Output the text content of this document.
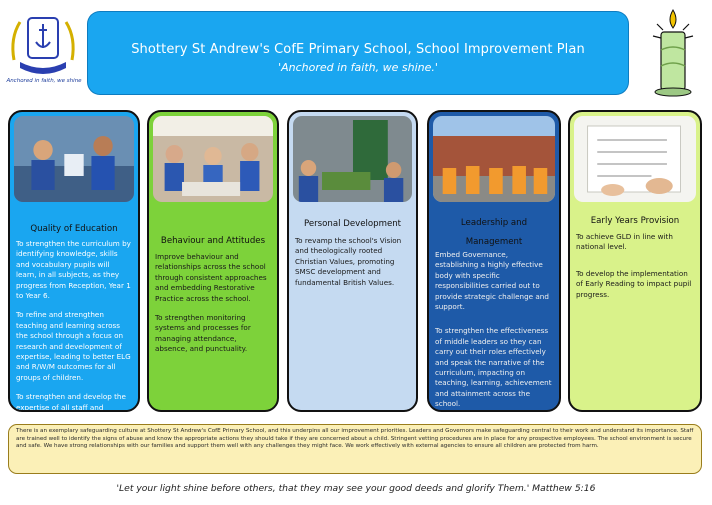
Anchored in faith, we shine
Shottery St Andrew's CofE Primary School, School Improvement Plan
'Anchored in faith, we shine.'
Quality of Education

To strengthen the curriculum by identifying knowledge, skills and vocabulary pupils will learn, in all subjects, as they progress from Reception, Year 1 to Year 6.

To refine and strengthen teaching and learning across the school through a focus on research and development of expertise, leading to better ELG and R/W/M outcomes for all groups of children.

To strengthen and develop the expertise of all staff and

Behaviour and Attitudes

Improve behaviour and relationships across the school through consistent approaches and embedding Restorative Practice across the school.

To strengthen monitoring systems and processes for managing attendance, absence, and punctuality.

Personal Development

To revamp the school's Vision and theologically rooted Christian Values, promoting SMSC development and fundamental British Values.

Leadership and Management

Embed Governance, establishing a highly effective body with specific responsibilities carried out to provide strategic challenge and support.

To strengthen the effectiveness of middle leaders so they can carry out their roles effectively and speak the narrative of the curriculum, impacting on teaching, learning, achievement and attainment across the school.

Early Years Provision

To achieve GLD in line with national level.

To develop the implementation of Early Reading to impact pupil progress.

There is an exemplary safeguarding culture at Shottery St Andrew's CofE Primary School, and this underpins all our improvement priorities. Leaders and Governors make safeguarding central to their work and understand its importance. Staff are trained well to identify the signs of abuse and know the appropriate actions they should take if they are concerned about a child. Stringent vetting procedures are in place for any prospective employees. The school environment is secure and safe. We have strong relationships with our families and support them well with any challenges they might face. We work effectively with external agencies to ensure all children are protected from harm.
'Let your light shine before others, that they may see your good deeds and glorify Them.' Matthew 5:16
